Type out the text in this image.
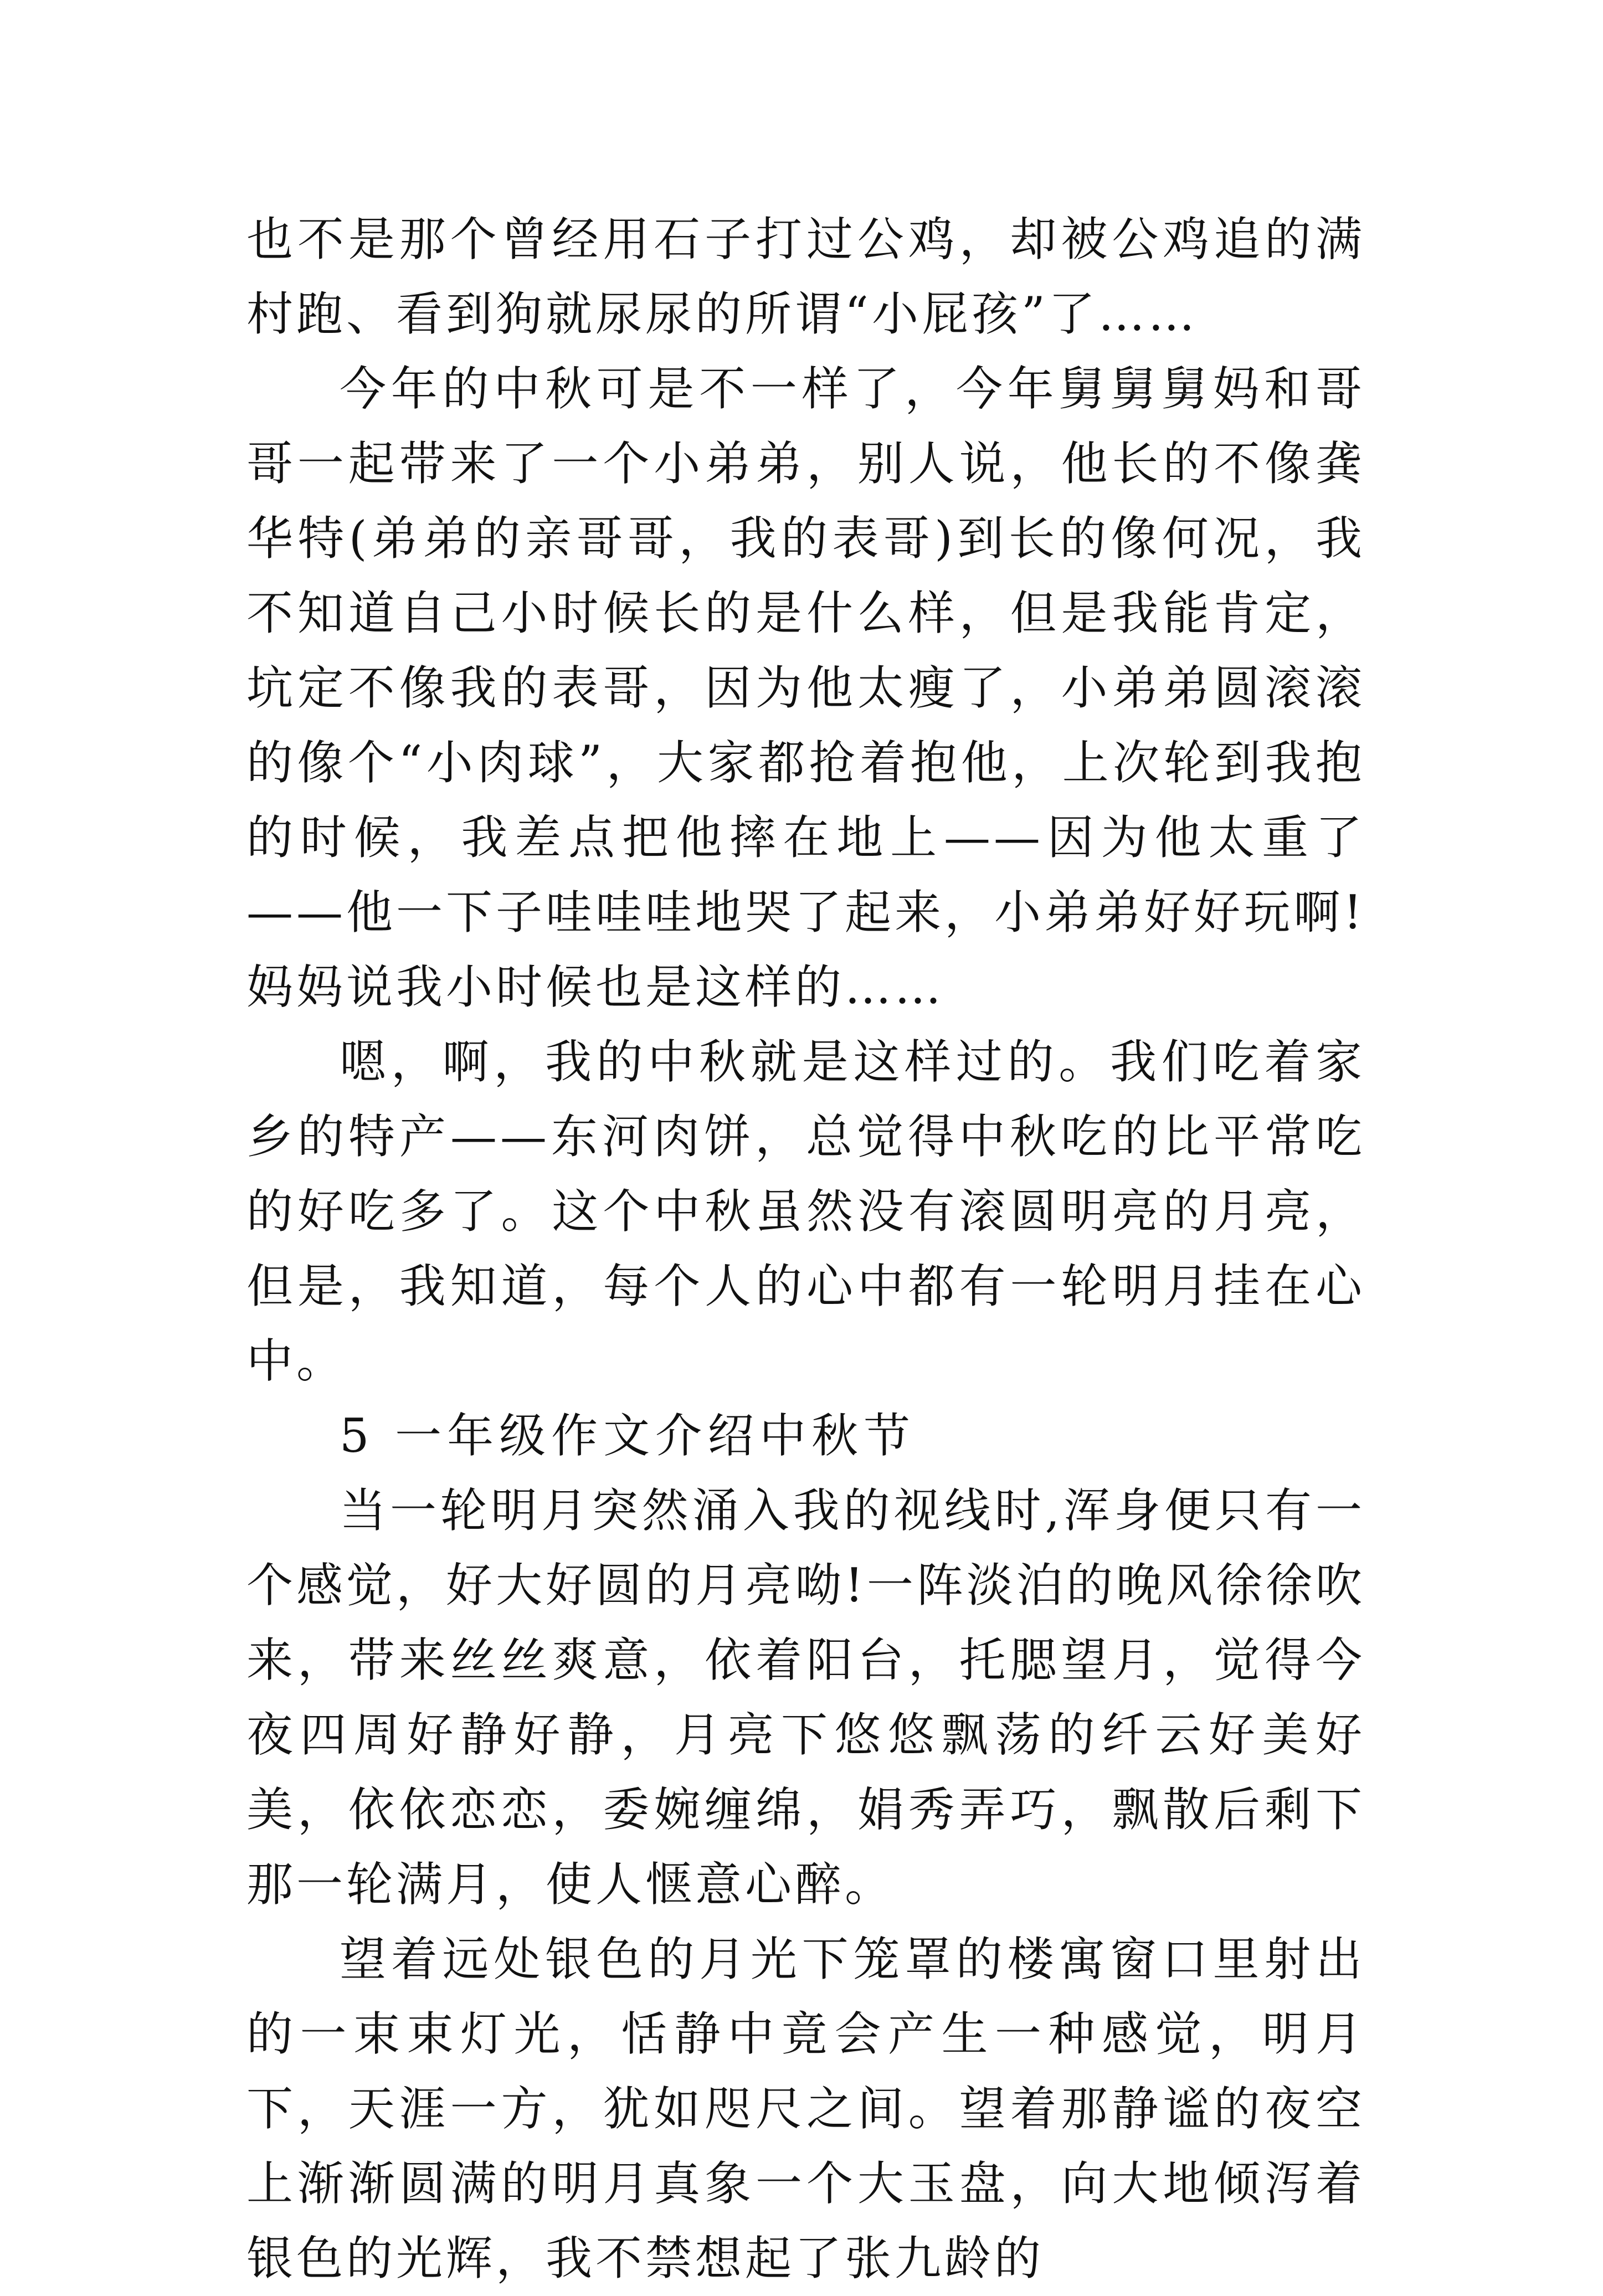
也不是那个曾经用石子打过公鸡，却被公鸡追的满村跑、看到狗就尿尿的所谓“小屁孩”了……

今年的中秋可是不一样了，今年舅舅舅妈和哥哥一起带来了一个小弟弟，别人说，他长的不像龚华特(弟弟的亲哥哥，我的表哥)到长的像何况，我不知道自己小时候长的是什么样，但是我能肯定，坑定不像我的表哥，因为他太瘦了，小弟弟圆滚滚的像个“小肉球”，大家都抢着抱他，上次轮到我抱的时候，我差点把他摔在地上——因为他太重了——他一下子哇哇哇地哭了起来，小弟弟好好玩啊!妈妈说我小时候也是这样的……

嗯，啊，我的中秋就是这样过的。我们吃着家乡的特产——东河肉饼，总觉得中秋吃的比平常吃的好吃多了。这个中秋虽然没有滚圆明亮的月亮，但是，我知道，每个人的心中都有一轮明月挂在心中。

5 一年级作文介绍中秋节

当一轮明月突然涌入我的视线时,浑身便只有一个感觉，好大好圆的月亮呦!一阵淡泊的晚风徐徐吹来，带来丝丝爽意，依着阳台，托腮望月，觉得今夜四周好静好静，月亮下悠悠飘荡的纤云好美好美，依依恋恋，委婉缠绵，娟秀弄巧，飘散后剩下那一轮满月，使人惬意心醉。

望着远处银色的月光下笼罩的楼寓窗口里射出的一束束灯光，恬静中竟会产生一种感觉，明月下，天涯一方，犹如咫尺之间。望着那静谧的夜空上渐渐圆满的明月真象一个大玉盘，向大地倾泻着银色的光辉，我不禁想起了张九龄的
